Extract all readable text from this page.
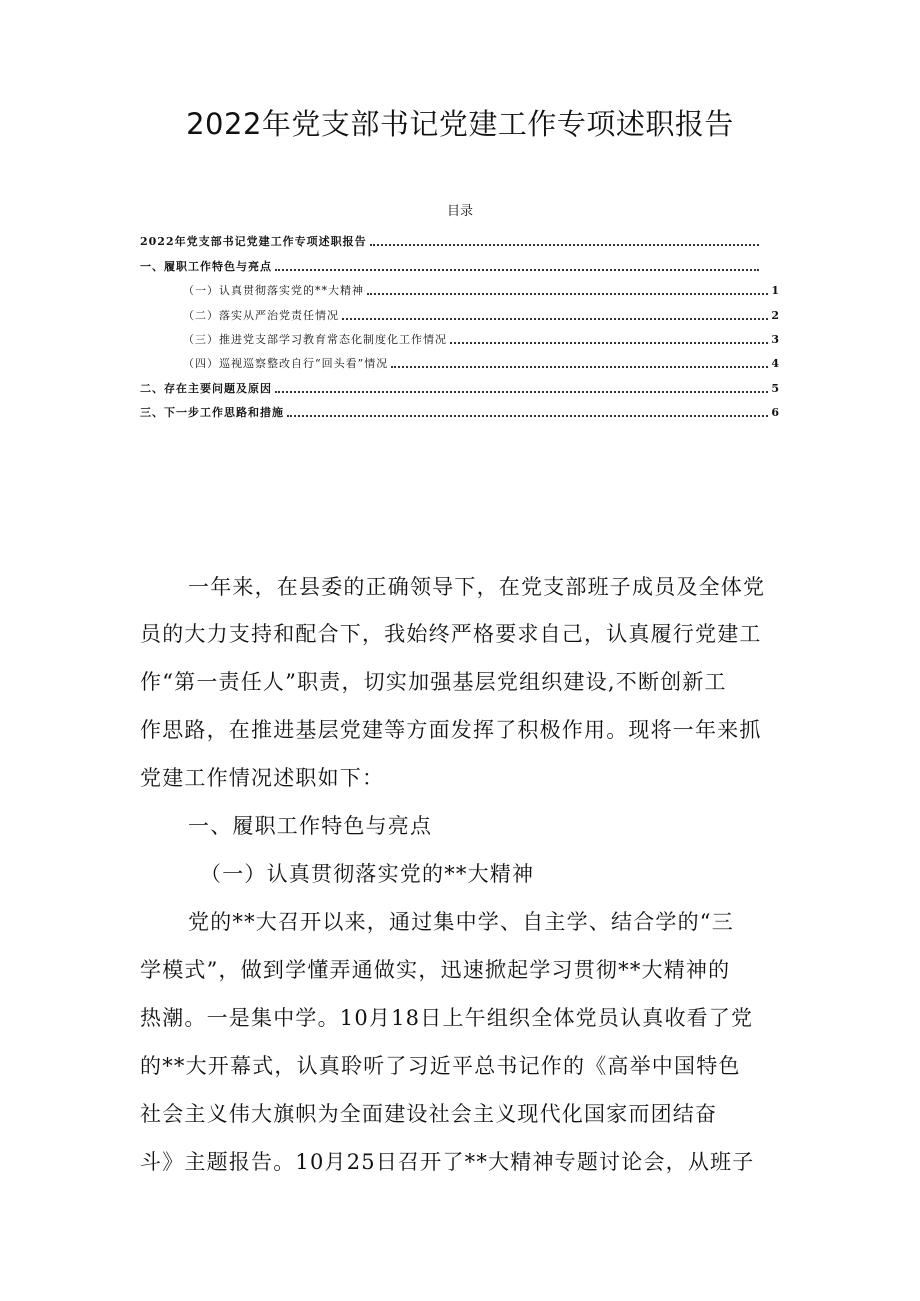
2022年党支部书记党建工作专项述职报告
目录
2022年党支部书记党建工作专项述职报告
一、履职工作特色与亮点
（一）认真贯彻落实党的**大精神	1
（二）落实从严治党责任情况	2
（三）推进党支部学习教育常态化制度化工作情况	3
（四）巡视巡察整改自行“回头看”情况	4
二、存在主要问题及原因	5
三、下一步工作思路和措施	6
一年来，在县委的正确领导下，在党支部班子成员及全体党
员的大力支持和配合下，我始终严格要求自己，认真履行党建工
作“第一责任人”职责，切实加强基层党组织建设,不断创新工
作思路，在推进基层党建等方面发挥了积极作用。现将一年来抓
党建工作情况述职如下：
一、履职工作特色与亮点
（一）认真贯彻落实党的**大精神
党的**大召开以来，通过集中学、自主学、结合学的“三
学模式”，做到学懂弄通做实，迅速掀起学习贯彻**大精神的
热潮。一是集中学。10月18日上午组织全体党员认真收看了党
的**大开幕式，认真聆听了习近平总书记作的《高举中国特色
社会主义伟大旗帜为全面建设社会主义现代化国家而团结奋
斗》主题报告。10月25日召开了**大精神专题讨论会，从班子
